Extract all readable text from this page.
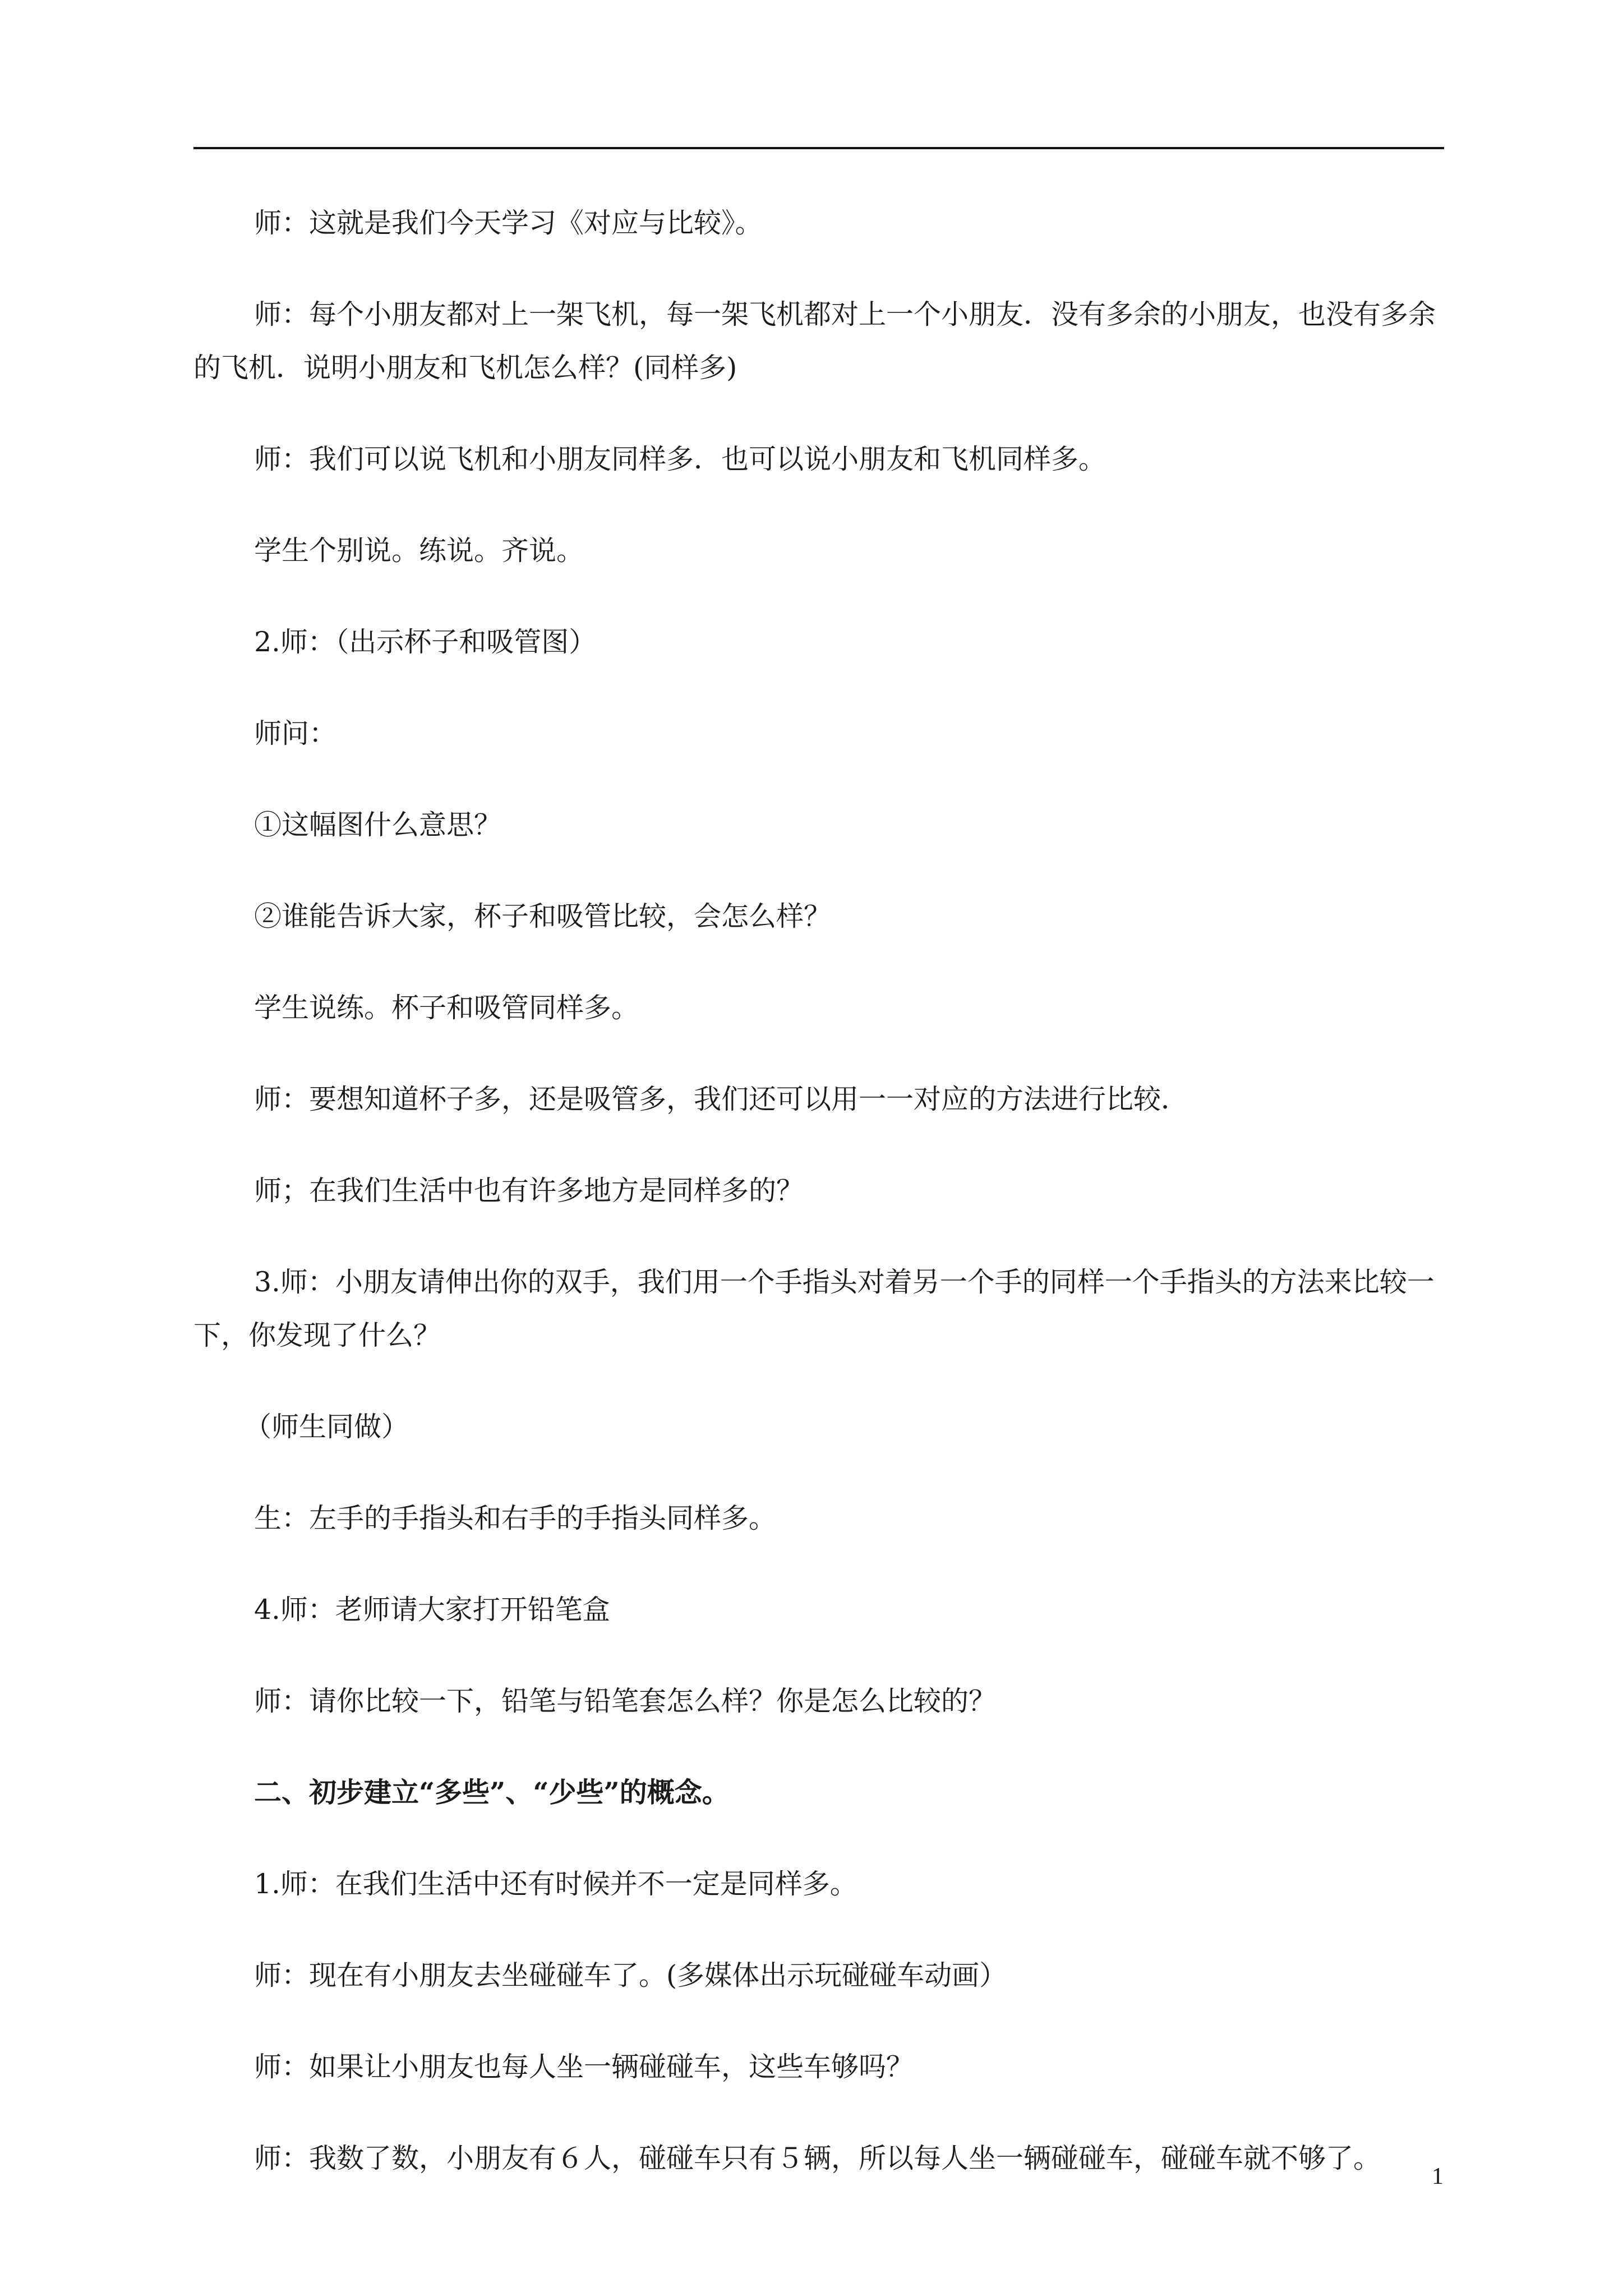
师：这就是我们今天学习《对应与比较》。

师：每个小朋友都对上一架飞机，每一架飞机都对上一个小朋友．没有多余的小朋友，也没有多余的飞机．说明小朋友和飞机怎么样？(同样多)

师：我们可以说飞机和小朋友同样多．也可以说小朋友和飞机同样多。

学生个别说。练说。齐说。

2.师：（出示杯子和吸管图）

师问：

①这幅图什么意思？

②谁能告诉大家，杯子和吸管比较，会怎么样？

学生说练。杯子和吸管同样多。

师：要想知道杯子多，还是吸管多，我们还可以用一一对应的方法进行比较．

师；在我们生活中也有许多地方是同样多的？

3.师：小朋友请伸出你的双手，我们用一个手指头对着另一个手的同样一个手指头的方法来比较一下，你发现了什么？

（师生同做）

生：左手的手指头和右手的手指头同样多。

4.师：老师请大家打开铅笔盒

师：请你比较一下，铅笔与铅笔套怎么样？你是怎么比较的？

二、初步建立“多些”、“少些”的概念。

1.师：在我们生活中还有时候并不一定是同样多。

师：现在有小朋友去坐碰碰车了。(多媒体出示玩碰碰车动画）

师：如果让小朋友也每人坐一辆碰碰车，这些车够吗？

师：我数了数，小朋友有６人，碰碰车只有５辆，所以每人坐一辆碰碰车，碰碰车就不够了。

1
